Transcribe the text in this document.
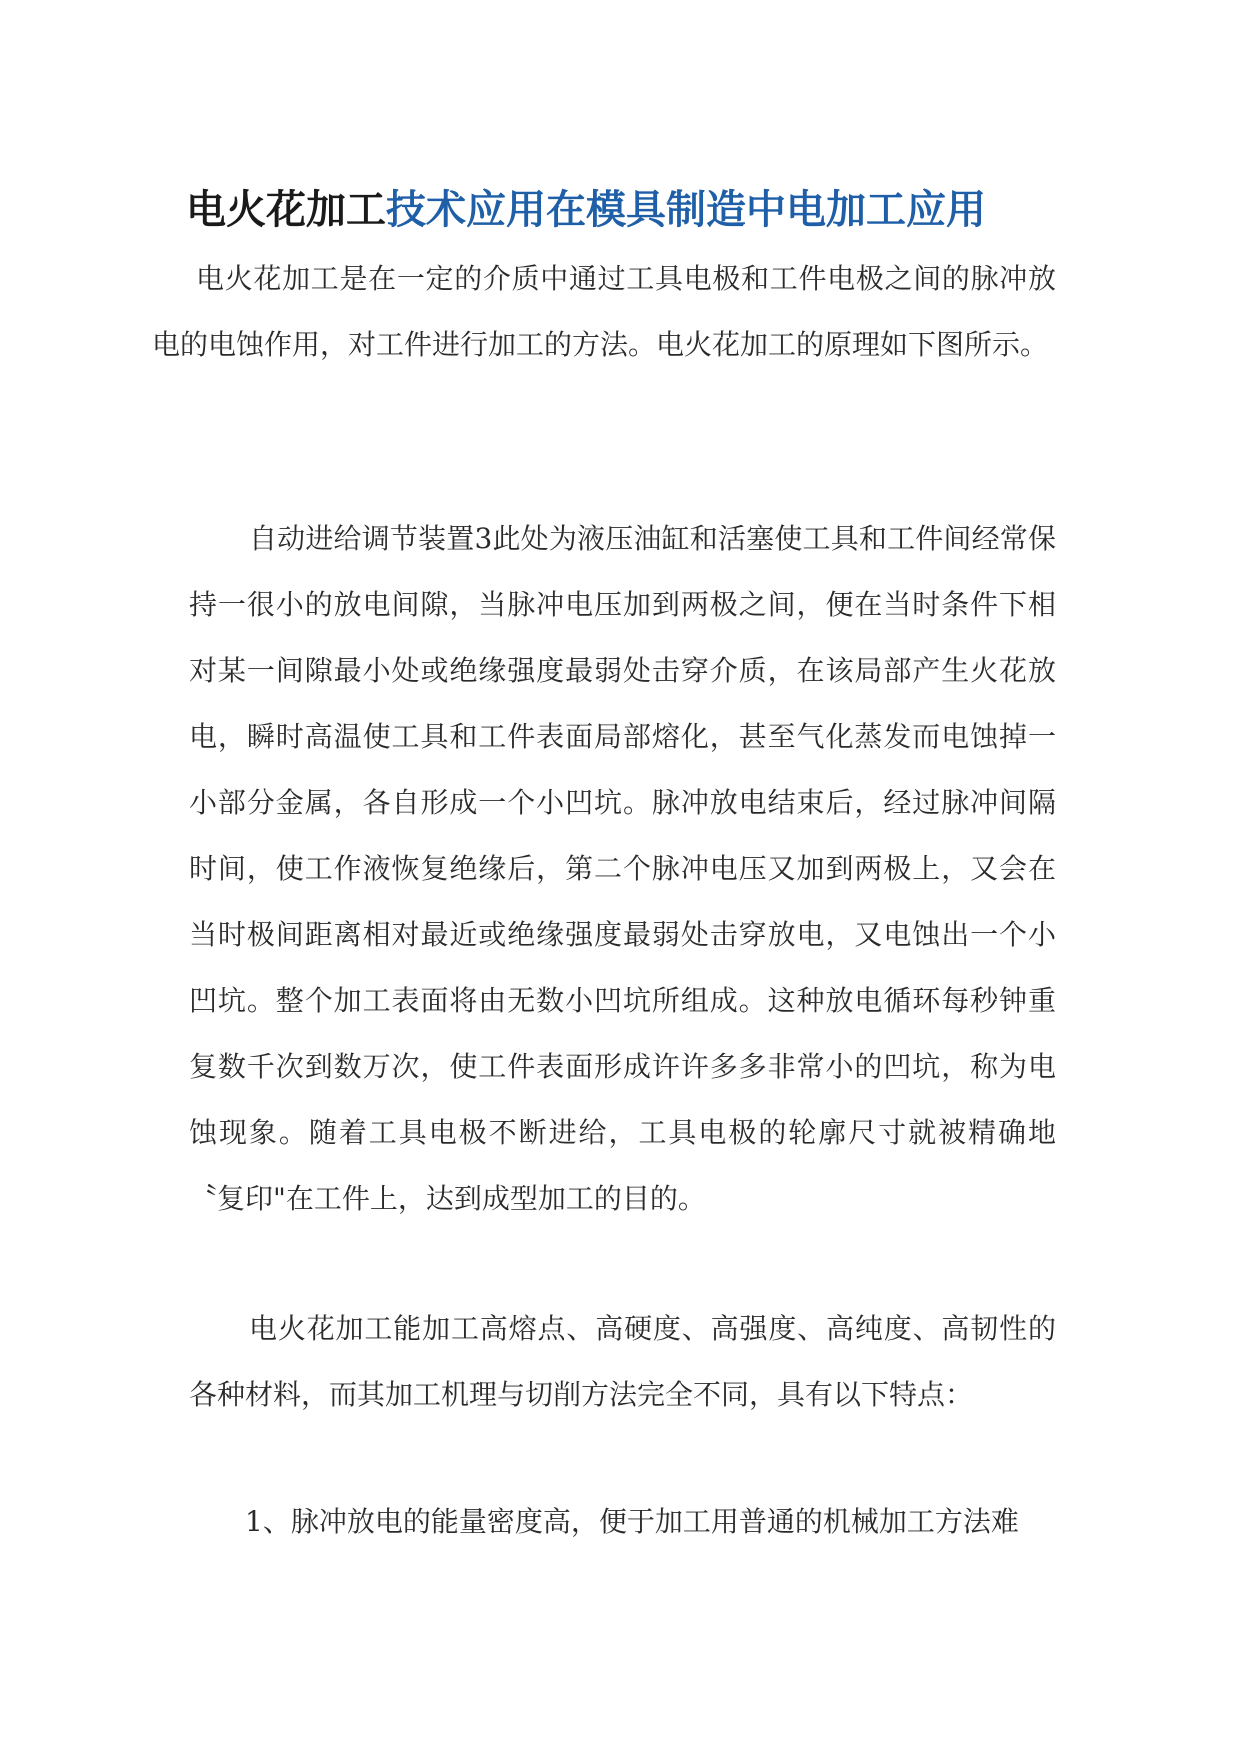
电火花加工技术应用在模具制造中电加工应用

电火花加工是在一定的介质中通过工具电极和工件电极之间的脉冲放电的电蚀作用，对工件进行加工的方法。电火花加工的原理如下图所示。

自动进给调节装置3此处为液压油缸和活塞使工具和工件间经常保持一很小的放电间隙，当脉冲电压加到两极之间，便在当时条件下相对某一间隙最小处或绝缘强度最弱处击穿介质，在该局部产生火花放电，瞬时高温使工具和工件表面局部熔化，甚至气化蒸发而电蚀掉一小部分金属，各自形成一个小凹坑。脉冲放电结束后，经过脉冲间隔时间，使工作液恢复绝缘后，第二个脉冲电压又加到两极上，又会在当时极间距离相对最近或绝缘强度最弱处击穿放电，又电蚀出一个小凹坑。整个加工表面将由无数小凹坑所组成。这种放电循环每秒钟重复数千次到数万次，使工件表面形成许许多多非常小的凹坑，称为电蚀现象。随着工具电极不断进给，工具电极的轮廓尺寸就被精确地〝复印"在工件上，达到成型加工的目的。

电火花加工能加工高熔点、高硬度、高强度、高纯度、高韧性的各种材料，而其加工机理与切削方法完全不同，具有以下特点：

1、脉冲放电的能量密度高，便于加工用普通的机械加工方法难
